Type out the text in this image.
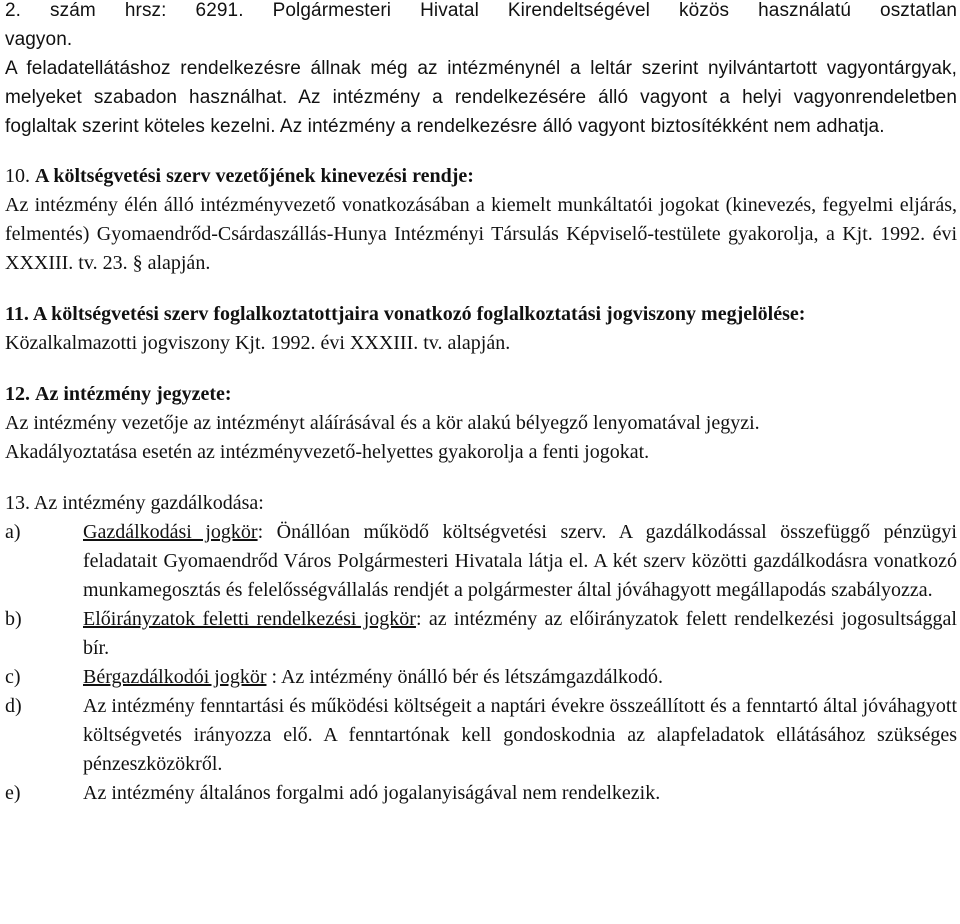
2. szám hrsz: 6291. Polgármesteri Hivatal Kirendeltségével közös használatú osztatlan

vagyon.

A feladatellátáshoz rendelkezésre állnak még az intézménynél a leltár szerint nyilvántartott vagyontárgyak, melyeket szabadon használhat. Az intézmény a rendelkezésére álló vagyont a helyi vagyonrendeletben foglaltak szerint köteles kezelni. Az intézmény a rendelkezésre álló vagyont biztosítékként nem adhatja.

10. A költségvetési szerv vezetőjének kinevezési rendje:

Az intézmény élén álló intézményvezető vonatkozásában a kiemelt munkáltatói jogokat (kinevezés, fegyelmi eljárás, felmentés) Gyomaendrőd-Csárdaszállás-Hunya Intézményi Társulás Képviselő-testülete gyakorolja, a Kjt. 1992. évi XXXIII. tv. 23. § alapján.

11. A költségvetési szerv foglalkoztatottjaira vonatkozó foglalkoztatási jogviszony megjelölése:

Közalkalmazotti jogviszony Kjt. 1992. évi XXXIII. tv. alapján.

12. Az intézmény jegyzete:

Az intézmény vezetője az intézményt aláírásával és a kör alakú bélyegző lenyomatával jegyzi.

Akadályoztatása esetén az intézményvezető-helyettes gyakorolja a fenti jogokat.

13. Az intézmény gazdálkodása:

a)	Gazdálkodási jogkör: Önállóan működő költségvetési szerv. A gazdálkodással összefüggő pénzügyi feladatait Gyomaendrőd Város Polgármesteri Hivatala látja el. A két szerv közötti gazdálkodásra vonatkozó munkamegosztás és felelősségvállalás rendjét a polgármester által jóváhagyott megállapodás szabályozza.
b)	Előirányzatok feletti rendelkezési jogkör: az intézmény az előirányzatok felett rendelkezési jogosultsággal bír.
c)	Bérgazdálkodói jogkör : Az intézmény önálló bér és létszámgazdálkodó.
d)	Az intézmény fenntartási és működési költségeit a naptári évekre összeállított és a fenntartó által jóváhagyott költségvetés irányozza elő. A fenntartónak kell gondoskodnia az alapfeladatok ellátásához szükséges pénzeszközökről.
e)	Az intézmény általános forgalmi adó jogalanyiságával nem rendelkezik.
